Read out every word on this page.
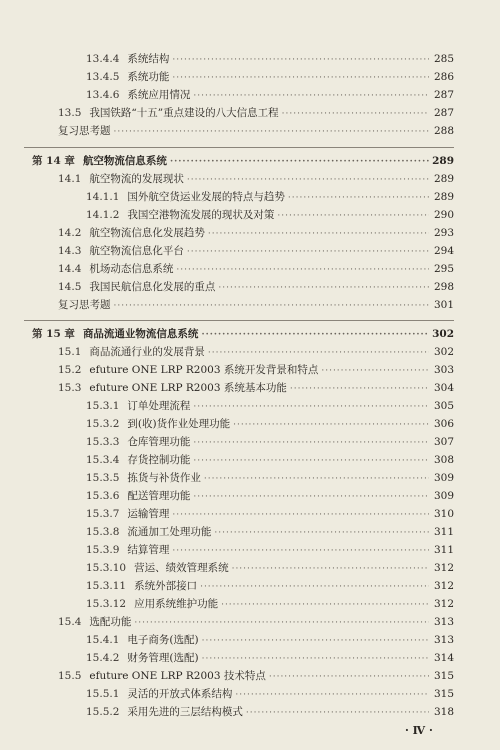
13.4.4 系统结构 ·····	285
13.4.5 系统功能 ·····	286
13.4.6 系统应用情况 ·····	287
13.5 我国铁路“十五”重点建设的八大信息工程 ·····	287
复习思考题 ·····	288
第 14 章 航空物流信息系统 ·····	289
14.1 航空物流的发展现状 ·····	289
14.1.1 国外航空货运业发展的特点与趋势 ·····	289
14.1.2 我国空港物流发展的现状及对策 ·····	290
14.2 航空物流信息化发展趋势 ·····	293
14.3 航空物流信息化平台 ·····	294
14.4 机场动态信息系统 ·····	295
14.5 我国民航信息化发展的重点 ·····	298
复习思考题 ·····	301
第 15 章 商品流通业物流信息系统 ·····	302
15.1 商品流通行业的发展背景 ·····	302
15.2 efuture ONE LRP R2003 系统开发背景和特点 ·····	303
15.3 efuture ONE LRP R2003 系统基本功能 ·····	304
15.3.1 订单处理流程 ·····	305
15.3.2 到(收)货作业处理功能 ·····	306
15.3.3 仓库管理功能 ·····	307
15.3.4 存货控制功能 ·····	308
15.3.5 拣货与补货作业 ·····	309
15.3.6 配送管理功能 ·····	309
15.3.7 运输管理 ·····	310
15.3.8 流通加工处理功能 ·····	311
15.3.9 结算管理 ·····	311
15.3.10 营运、绩效管理系统 ·····	312
15.3.11 系统外部接口 ·····	312
15.3.12 应用系统维护功能 ·····	312
15.4 选配功能 ·····	313
15.4.1 电子商务(选配) ·····	313
15.4.2 财务管理(选配) ·····	314
15.5 efuture ONE LRP R2003 技术特点 ·····	315
15.5.1 灵活的开放式体系结构 ·····	315
15.5.2 采用先进的三层结构模式 ·····	318
· Ⅳ ·
